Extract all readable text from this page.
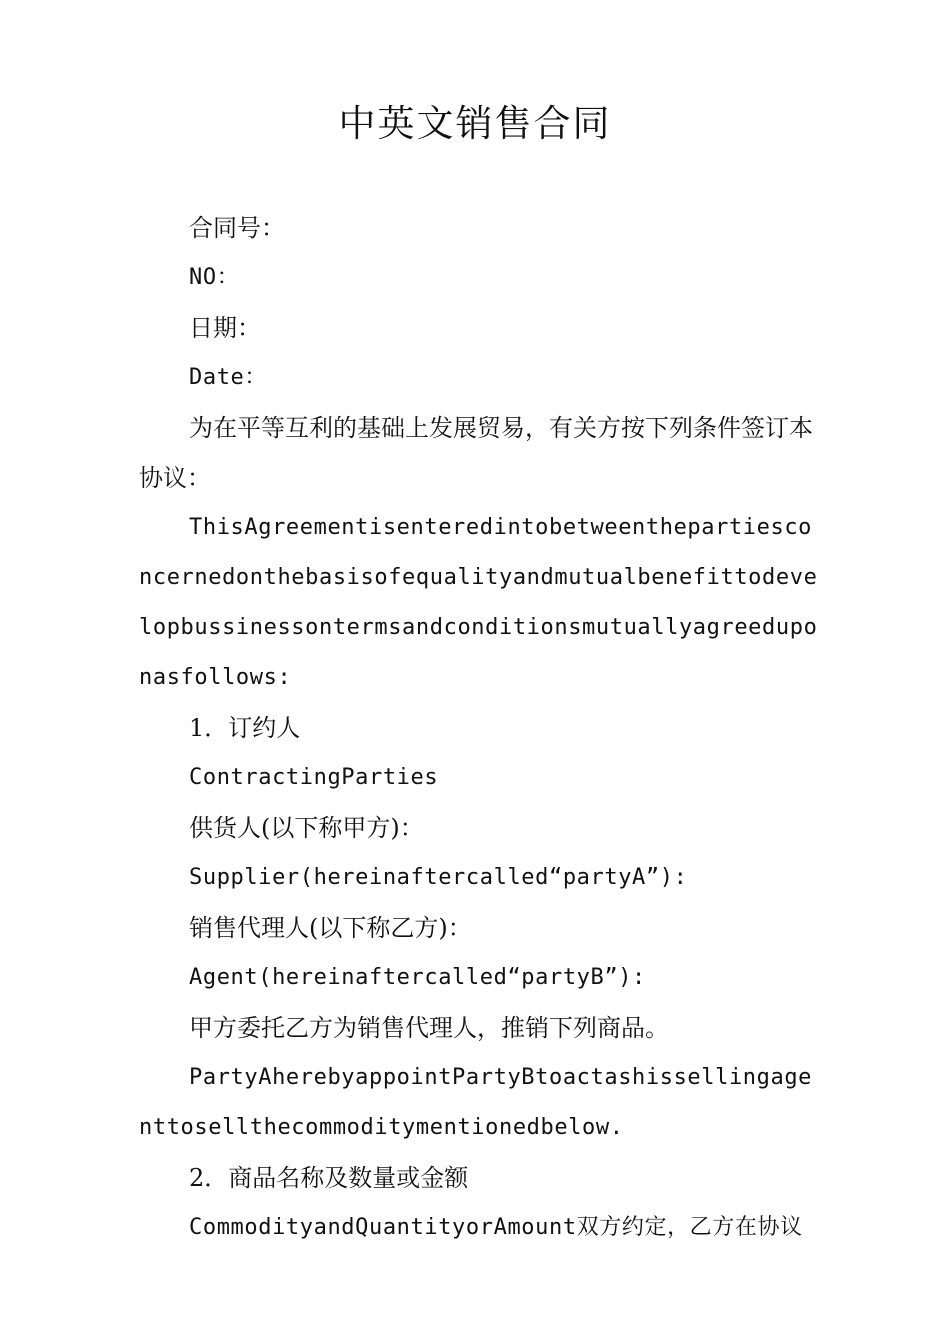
中英文销售合同

合同号：

NO：

日期：

Date：

为在平等互利的基础上发展贸易，有关方按下列条件签订本协议：

ThisAgreementisenteredintobetweenthepartiesconcernedonthebasisofequalityandmutualbenefittodevelopbussinessontermsandconditionsmutuallyagreeduponasfollows:

1．订约人

ContractingParties

供货人(以下称甲方)：

Supplier(hereinaftercalled“partyA”):

销售代理人(以下称乙方)：

Agent(hereinaftercalled“partyB”):

甲方委托乙方为销售代理人，推销下列商品。

PartyAherebyappointPartyBtoactashissellingagenttosellthecommoditymentionedbelow.

2．商品名称及数量或金额

CommodityandQuantityorAmount双方约定，乙方在协议
